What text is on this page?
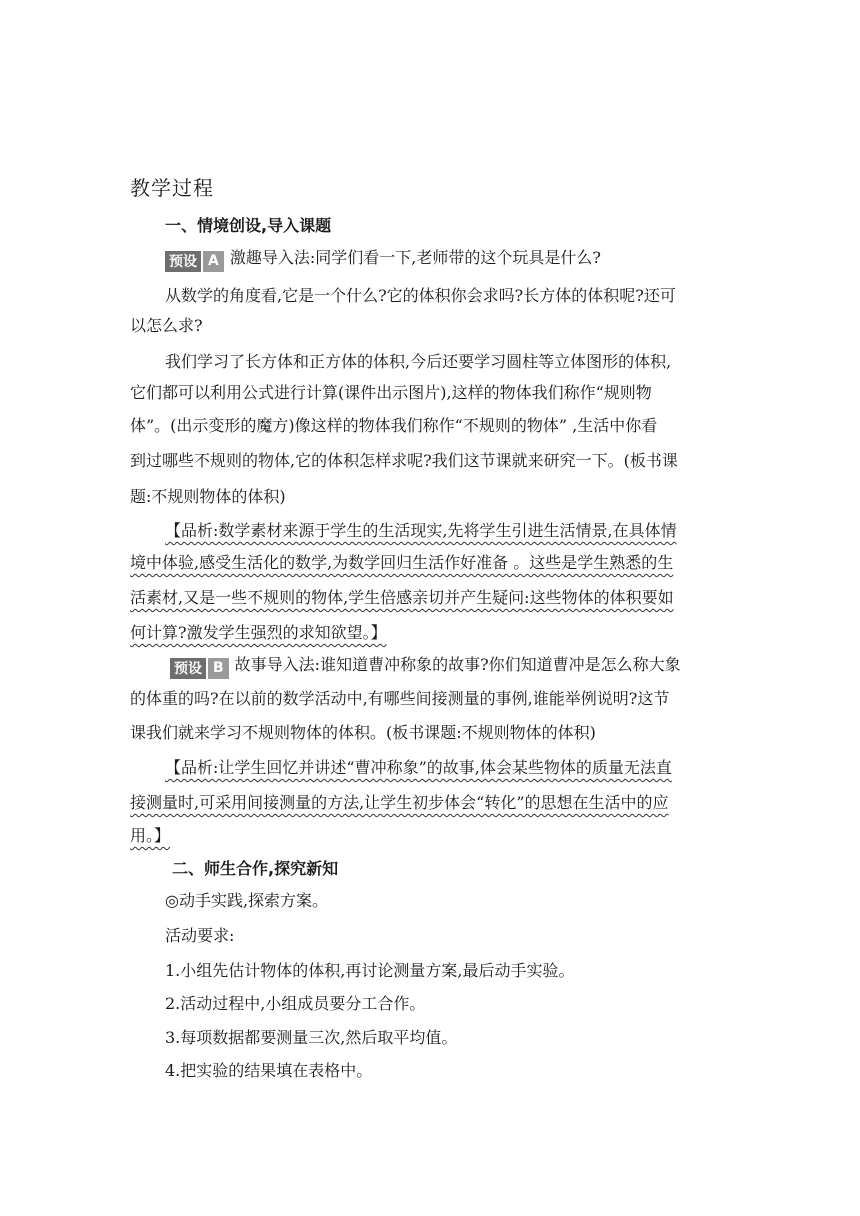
教学过程
一、情境创设,导入课题
预设 A 激趣导入法:同学们看一下,老师带的这个玩具是什么?
从数学的角度看,它是一个什么?它的体积你会求吗?长方体的体积呢?还可
以怎么求?
我们学习了长方体和正方体的体积,今后还要学习圆柱等立体图形的体积,
它们都可以利用公式进行计算(课件出示图片),这样的物体我们称作“规则物
体”。(出示变形的魔方)像这样的物体我们称作“不规则的物体” ,生活中你看
到过哪些不规则的物体,它的体积怎样求呢?我们这节课就来研究一下。(板书课
题:不规则物体的体积)
【品析:数学素材来源于学生的生活现实,先将学生引进生活情景,在具体情
境中体验,感受生活化的数学,为数学回归生活作好准备 。这些是学生熟悉的生
活素材,又是一些不规则的物体,学生倍感亲切并产生疑问:这些物体的体积要如
何计算?激发学生强烈的求知欲望。】
预设 B 故事导入法:谁知道曹冲称象的故事?你们知道曹冲是怎么称大象
的体重的吗?在以前的数学活动中,有哪些间接测量的事例,谁能举例说明?这节
课我们就来学习不规则物体的体积。(板书课题:不规则物体的体积)
【品析:让学生回忆并讲述“曹冲称象”的故事,体会某些物体的质量无法直
接测量时,可采用间接测量的方法,让学生初步体会“转化”的思想在生活中的应
用。】
二、师生合作,探究新知
◎动手实践,探索方案。
活动要求:
1.小组先估计物体的体积,再讨论测量方案,最后动手实验。
2.活动过程中,小组成员要分工合作。
3.每项数据都要测量三次,然后取平均值。
4.把实验的结果填在表格中。
